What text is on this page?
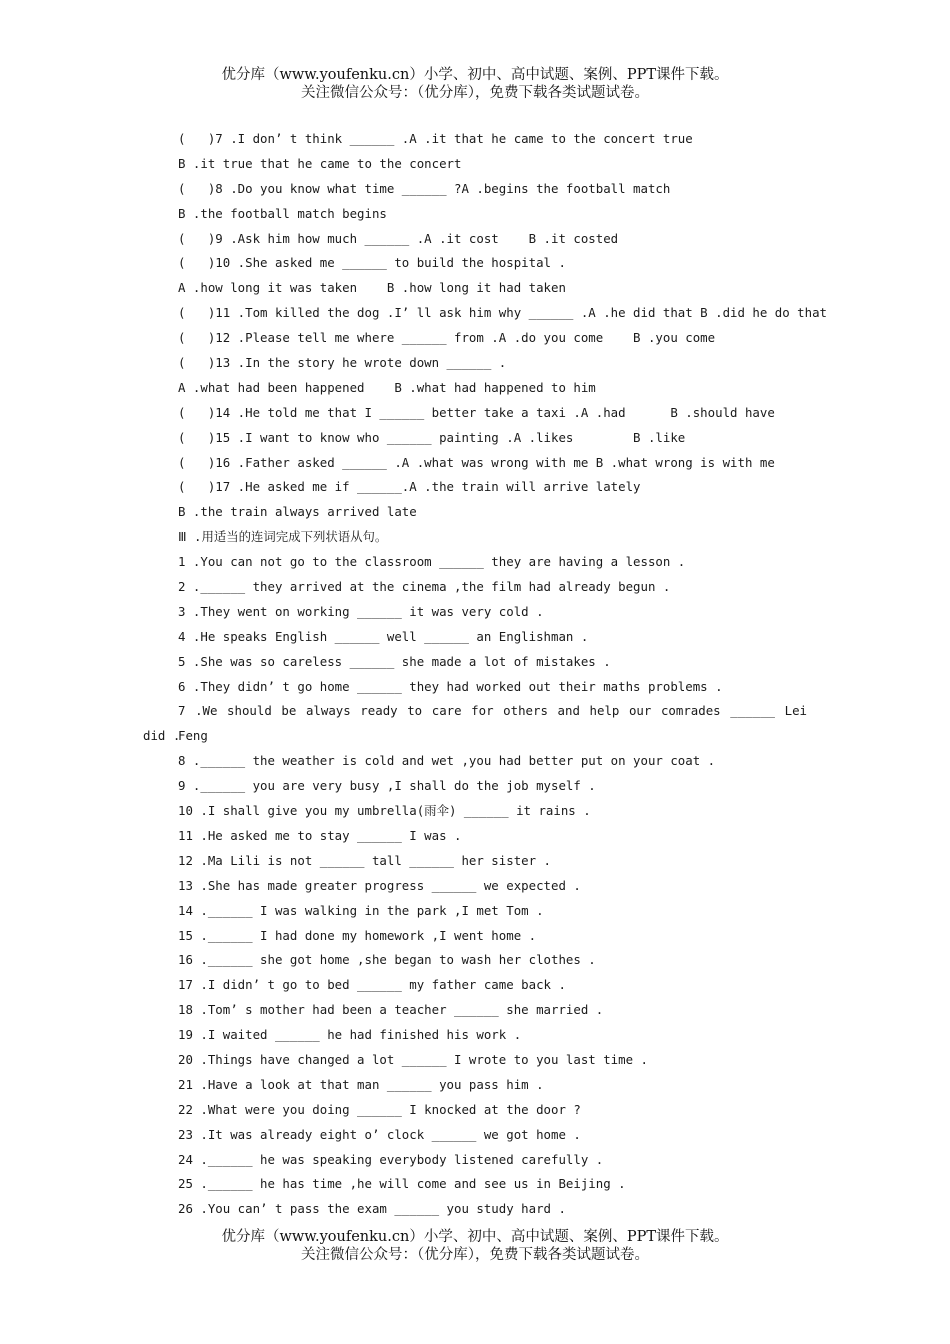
优分库（www.youfenku.cn）小学、初中、高中试题、案例、PPT课件下载。
关注微信公众号：（优分库），免费下载各类试题试卷。
(   )7 .I don’ t think ______ .A .it that he came to the concert true
B .it true that he came to the concert
(   )8 .Do you know what time ______ ?A .begins the football match
B .the football match begins
(   )9 .Ask him how much ______ .A .it cost    B .it costed
(   )10 .She asked me ______ to build the hospital .
A .how long it was taken    B .how long it had taken
(   )11 .Tom killed the dog .I’ ll ask him why ______ .A .he did that B .did he do that
(   )12 .Please tell me where ______ from .A .do you come    B .you come
(   )13 .In the story he wrote down ______ .
A .what had been happened    B .what had happened to him
(   )14 .He told me that I ______ better take a taxi .A .had      B .should have
(   )15 .I want to know who ______ painting .A .likes        B .like
(   )16 .Father asked ______ .A .what was wrong with me B .what wrong is with me
(   )17 .He asked me if ______.A .the train will arrive lately
B .the train always arrived late
Ⅲ .用适当的连词完成下列状语从句。
1 .You can not go to the classroom ______ they are having a lesson .
2 .______ they arrived at the cinema ,the film had already begun .
3 .They went on working ______ it was very cold .
4 .He speaks English ______ well ______ an Englishman .
5 .She was so careless ______ she made a lot of mistakes .
6 .They didn’ t go home ______ they had worked out their maths problems .
7 .We should be always ready to care for others and help our comrades ______ Lei Feng
did .
8 .______ the weather is cold and wet ,you had better put on your coat .
9 .______ you are very busy ,I shall do the job myself .
10 .I shall give you my umbrella(雨伞) ______ it rains .
11 .He asked me to stay ______ I was .
12 .Ma Lili is not ______ tall ______ her sister .
13 .She has made greater progress ______ we expected .
14 .______ I was walking in the park ,I met Tom .
15 .______ I had done my homework ,I went home .
16 .______ she got home ,she began to wash her clothes .
17 .I didn’ t go to bed ______ my father came back .
18 .Tom’ s mother had been a teacher ______ she married .
19 .I waited ______ he had finished his work .
20 .Things have changed a lot ______ I wrote to you last time .
21 .Have a look at that man ______ you pass him .
22 .What were you doing ______ I knocked at the door ?
23 .It was already eight o’ clock ______ we got home .
24 .______ he was speaking everybody listened carefully .
25 .______ he has time ,he will come and see us in Beijing .
26 .You can’ t pass the exam ______ you study hard .
优分库（www.youfenku.cn）小学、初中、高中试题、案例、PPT课件下载。
关注微信公众号：（优分库），免费下载各类试题试卷。
